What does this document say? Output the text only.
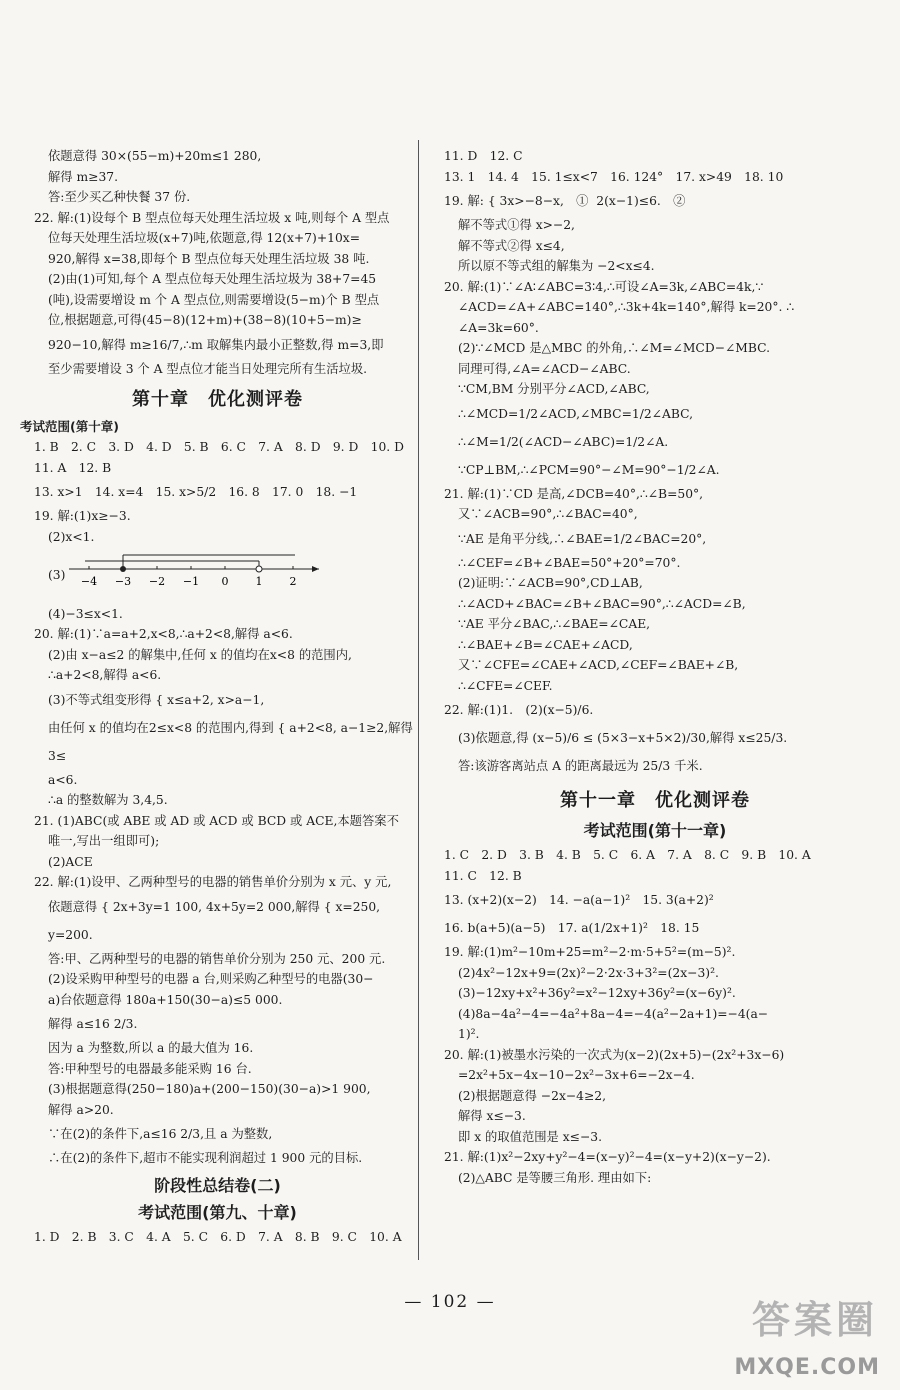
依题意得 30×(55−m)+20m≤1 280,
解得 m≥37.
答:至少买乙种快餐 37 份.
22. 解:(1)设每个 B 型点位每天处理生活垃圾 x 吨,则每个 A 型点
位每天处理生活垃圾(x+7)吨,依题意,得 12(x+7)+10x=
920,解得 x=38,即每个 B 型点位每天处理生活垃圾 38 吨.
(2)由(1)可知,每个 A 型点位每天处理生活垃圾为 38+7=45
(吨),设需要增设 m 个 A 型点位,则需要增设(5−m)个 B 型点
位,根据题意,可得(45−8)(12+m)+(38−8)(10+5−m)≥
920−10,解得 m≥16/7,∴m 取解集内最小正整数,得 m=3,即
至少需要增设 3 个 A 型点位才能当日处理完所有生活垃圾.
第十章　优化测评卷
考试范围(第十章)
1. B　2. C　3. D　4. D　5. B　6. C　7. A　8. D　9. D　10. D
11. A　12. B
13. x>1　14. x=4　15. x>5/2　16. 8　17. 0　18. −1
19. 解:(1)x≥−3.
(2)x<1.
(3) −4 −3 −2 −1 0 1 2
(4)−3≤x<1.
20. 解:(1)∵a=a+2,x<8,∴a+2<8,解得 a<6.
(2)由 x−a≤2 的解集中,任何 x 的值均在x<8 的范围内,
∴a+2<8,解得 a<6.
(3)不等式组变形得 { x≤a+2, x>a−1,
由任何 x 的值均在2≤x<8 的范围内,得到 { a+2<8, a−1≥2,解得 3≤
a<6.
∴a 的整数解为 3,4,5.
21. (1)ABC(或 ABE 或 AD 或 ACD 或 BCD 或 ACE,本题答案不
唯一,写出一组即可);
(2)ACE
22. 解:(1)设甲、乙两种型号的电器的销售单价分别为 x 元、y 元,
依题意得 { 2x+3y=1 100, 4x+5y=2 000,解得 { x=250, y=200.
答:甲、乙两种型号的电器的销售单价分别为 250 元、200 元.
(2)设采购甲种型号的电器 a 台,则采购乙种型号的电器(30−
a)台依题意得 180a+150(30−a)≤5 000.
解得 a≤16 2/3.
因为 a 为整数,所以 a 的最大值为 16.
答:甲种型号的电器最多能采购 16 台.
(3)根据题意得(250−180)a+(200−150)(30−a)>1 900,
解得 a>20.
∵在(2)的条件下,a≤16 2/3,且 a 为整数,
∴在(2)的条件下,超市不能实现利润超过 1 900 元的目标.
阶段性总结卷(二)
考试范围(第九、十章)
1. D　2. B　3. C　4. A　5. C　6. D　7. A　8. B　9. C　10. A
11. D　12. C
13. 1　14. 4　15. 1≤x<7　16. 124°　17. x>49　18. 10
19. 解: { 3x>−8−x,　①  2(x−1)≤6.　②
解不等式①得 x>−2,
解不等式②得 x≤4,
所以原不等式组的解集为 −2<x≤4.
20. 解:(1)∵∠A∶∠ABC=3∶4,∴可设∠A=3k,∠ABC=4k,∵
∠ACD=∠A+∠ABC=140°,∴3k+4k=140°,解得 k=20°. ∴
∠A=3k=60°.
(2)∵∠MCD 是△MBC 的外角,∴∠M=∠MCD−∠MBC.
同理可得,∠A=∠ACD−∠ABC.
∵CM,BM 分别平分∠ACD,∠ABC,
∴∠MCD=1/2∠ACD,∠MBC=1/2∠ABC,
∴∠M=1/2(∠ACD−∠ABC)=1/2∠A.
∵CP⊥BM,∴∠PCM=90°−∠M=90°−1/2∠A.
21. 解:(1)∵CD 是高,∠DCB=40°,∴∠B=50°,
又∵∠ACB=90°,∴∠BAC=40°,
∵AE 是角平分线,∴∠BAE=1/2∠BAC=20°,
∴∠CEF=∠B+∠BAE=50°+20°=70°.
(2)证明:∵∠ACB=90°,CD⊥AB,
∴∠ACD+∠BAC=∠B+∠BAC=90°,∴∠ACD=∠B,
∵AE 平分∠BAC,∴∠BAE=∠CAE,
∴∠BAE+∠B=∠CAE+∠ACD,
又∵∠CFE=∠CAE+∠ACD,∠CEF=∠BAE+∠B,
∴∠CFE=∠CEF.
22. 解:(1)1.　(2)(x−5)/6.
(3)依题意,得 (x−5)/6 ≤ (5×3−x+5×2)/30,解得 x≤25/3.
答:该游客离站点 A 的距离最远为 25/3 千米.
第十一章　优化测评卷
考试范围(第十一章)
1. C　2. D　3. B　4. B　5. C　6. A　7. A　8. C　9. B　10. A
11. C　12. B
13. (x+2)(x−2)　14. −a(a−1)²　15. 3(a+2)²
16. b(a+5)(a−5)　17. a(1/2x+1)²　18. 15
19. 解:(1)m²−10m+25=m²−2·m·5+5²=(m−5)².
(2)4x²−12x+9=(2x)²−2·2x·3+3²=(2x−3)².
(3)−12xy+x²+36y²=x²−12xy+36y²=(x−6y)².
(4)8a−4a²−4=−4a²+8a−4=−4(a²−2a+1)=−4(a−
1)².
20. 解:(1)被墨水污染的一次式为(x−2)(2x+5)−(2x²+3x−6)
=2x²+5x−4x−10−2x²−3x+6=−2x−4.
(2)根据题意得 −2x−4≥2,
解得 x≤−3.
即 x 的取值范围是 x≤−3.
21. 解:(1)x²−2xy+y²−4=(x−y)²−4=(x−y+2)(x−y−2).
(2)△ABC 是等腰三角形. 理由如下:
— 102 —	答案圈
MXQE.COM
